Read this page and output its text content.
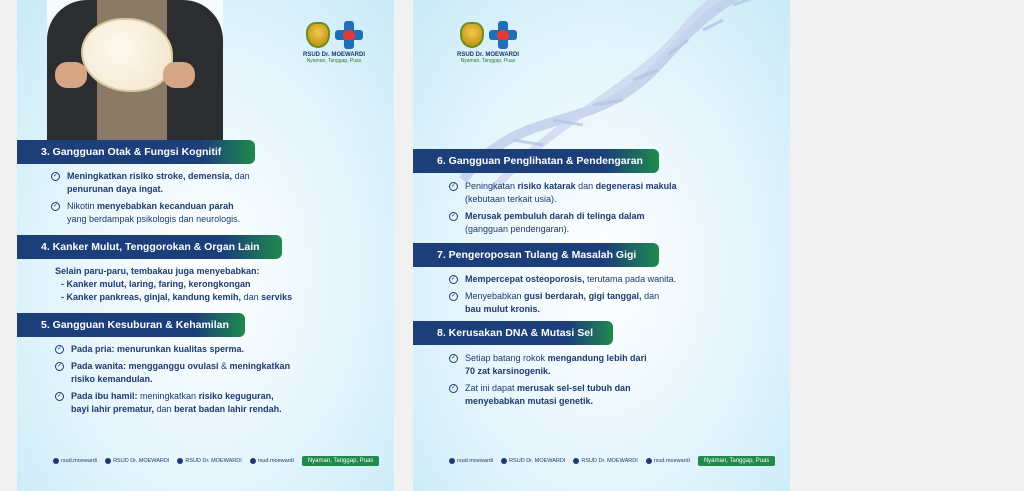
RSUD Dr. MOEWARDI
Nyaman, Tanggap, Puas
3. Gangguan Otak & Fungsi Kognitif
✓ Meningkatkan risiko stroke, demensia, dan
penurunan daya ingat.
✓ Nikotin menyebabkan kecanduan parah
yang berdampak psikologis dan neurologis.
4. Kanker Mulut, Tenggorokan & Organ Lain
Selain paru-paru, tembakau juga menyebabkan:
- Kanker mulut, laring, faring, kerongkongan
- Kanker pankreas, ginjal, kandung kemih, dan serviks
5. Gangguan Kesuburan & Kehamilan
✓ Pada pria: menurunkan kualitas sperma.
✓ Pada wanita: mengganggu ovulasi & meningkatkan
risiko kemandulan.
✓ Pada ibu hamil: meningkatkan risiko keguguran,
bayi lahir prematur, dan berat badan lahir rendah.
rsud.moewardi	RSUD Dr. MOEWARDI	RSUD Dr. MOEWARDI	rsud.moewardi	Nyaman, Tanggap, Puas
RSUD Dr. MOEWARDI
Nyaman, Tanggap, Puas
6. Gangguan Penglihatan & Pendengaran
✓ Peningkatan risiko katarak dan degenerasi makula
(kebutaan terkait usia).
✓ Merusak pembuluh darah di telinga dalam
(gangguan pendengaran).
7. Pengeroposan Tulang & Masalah Gigi
✓ Mempercepat osteoporosis, terutama pada wanita.
✓ Menyebabkan gusi berdarah, gigi tanggal, dan
bau mulut kronis.
8. Kerusakan DNA & Mutasi Sel
✓ Setiap batang rokok mengandung lebih dari
70 zat karsinogenik.
✓ Zat ini dapat merusak sel-sel tubuh dan
menyebabkan mutasi genetik.
rsud.moewardi	RSUD Dr. MOEWARDI	RSUD Dr. MOEWARDI	rsud.moewardi	Nyaman, Tanggap, Puas
